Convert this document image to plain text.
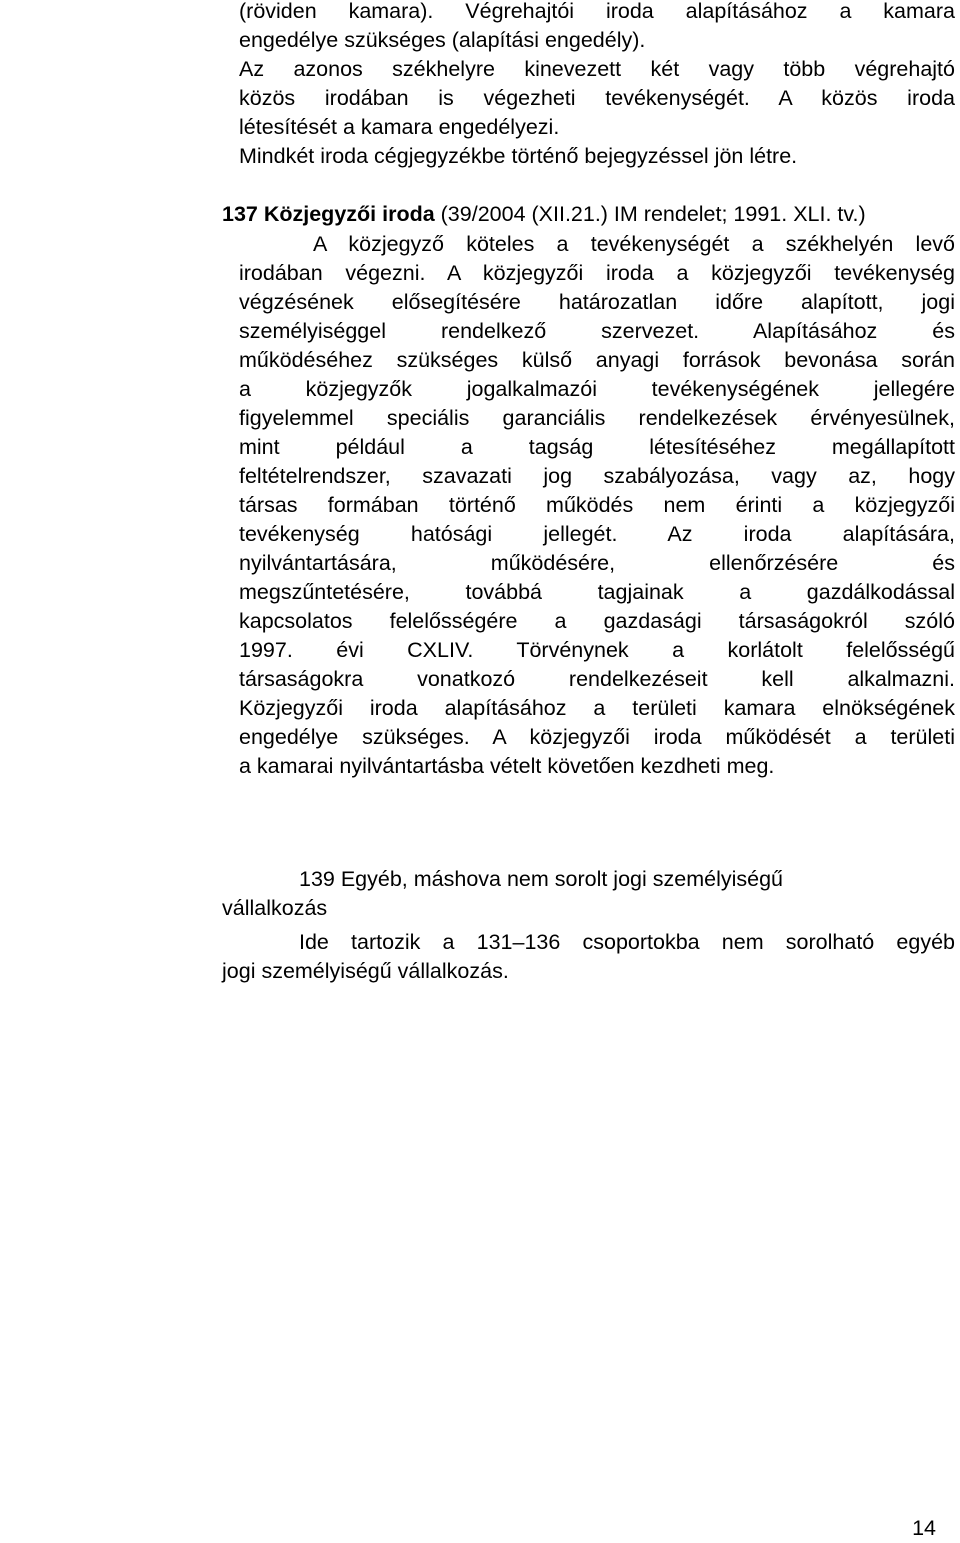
(röviden kamara). Végrehajtói iroda alapításához a kamara

engedélye szükséges (alapítási engedély).

Az azonos székhelyre kinevezett két vagy több végrehajtó

közös irodában is végezheti tevékenységét. A közös iroda

létesítését a kamara engedélyezi.

Mindkét iroda cégjegyzékbe történő bejegyzéssel jön létre.

137 Közjegyzői iroda (39/2004 (XII.21.) IM rendelet; 1991. XLI. tv.)

A közjegyző köteles a tevékenységét a székhelyén levő

irodában végezni. A közjegyzői iroda a közjegyzői tevékenység

végzésének elősegítésére határozatlan időre alapított, jogi

személyiséggel rendelkező szervezet. Alapításához és

működéséhez szükséges külső anyagi források bevonása során

a közjegyzők jogalkalmazói tevékenységének jellegére

figyelemmel speciális garanciális rendelkezések érvényesülnek,

mint például a tagság létesítéséhez megállapított

feltételrendszer, szavazati jog szabályozása, vagy az, hogy

társas formában történő működés nem érinti a közjegyzői

tevékenység hatósági jellegét. Az iroda alapítására,

nyilvántartására, működésére, ellenőrzésére és

megszűntetésére, továbbá tagjainak a gazdálkodással

kapcsolatos felelősségére a gazdasági társaságokról szóló

1997. évi CXLIV. Törvénynek a korlátolt felelősségű

társaságokra vonatkozó rendelkezéseit kell alkalmazni.

Közjegyzői iroda alapításához a területi kamara elnökségének

engedélye szükséges. A közjegyzői iroda működését a területi

a kamarai nyilvántartásba vételt követően kezdheti meg.

139 Egyéb, máshova nem sorolt jogi személyiségű

vállalkozás

Ide tartozik a 131–136 csoportokba nem sorolható egyéb

jogi személyiségű vállalkozás.

14
